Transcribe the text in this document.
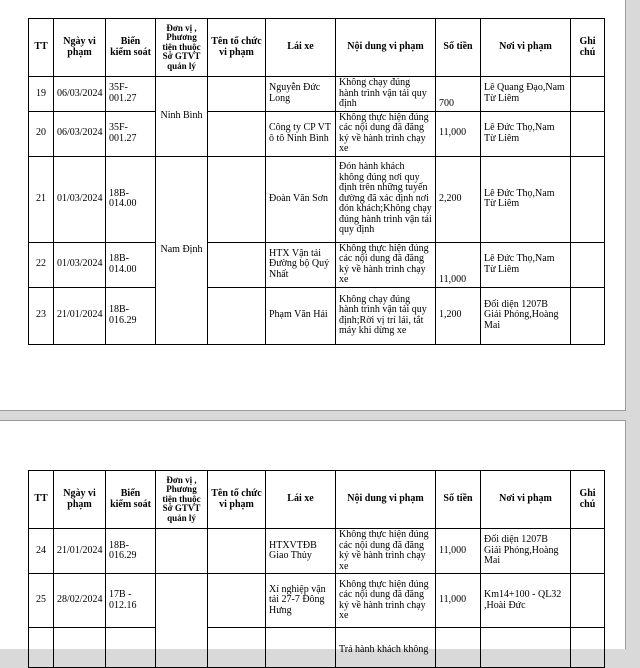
TT	Ngày vi phạm	Biển kiểm soát	Đơn vị , Phương tiện thuộc Sở GTVT quản lý	Tên tổ chức vi phạm	Lái xe	Nội dung vi phạm	Số tiền	Nơi vi phạm	Ghi chú
19	06/03/2024	35F-001.27	Ninh Bình		Nguyễn Đức Long	Không chạy đúng hành trình vận tải quy định	700	Lê Quang Đạo,Nam Từ Liêm	
20	06/03/2024	35F-001.27			Công ty CP VT ô tô Ninh Bình	Không thực hiện đúng các nội dung đã đăng ký về hành trình chạy xe	11,000	Lê Đức Thọ,Nam Từ Liêm	
21	01/03/2024	18B-014.00	Nam Định		Đoàn Văn Sơn	Đón hành khách không đúng nơi quy định trên những tuyến đường đã xác định nơi đón khách;Không chạy đúng hành trình vận tải quy định	2,200	Lê Đức Thọ,Nam Từ Liêm	
22	01/03/2024	18B-014.00			HTX Vận tải Đường bộ Quý Nhất	Không thực hiện đúng các nội dung đã đăng ký về hành trình chạy xe	11,000	Lê Đức Thọ,Nam Từ Liêm	
23	21/01/2024	18B-016.29			Phạm Văn Hải	Không chạy đúng hành trình vận tải quy định;Rời vị trí lái, tắt máy khi dừng xe	1,200	Đối diện 1207B Giải Phóng,Hoàng Mai	
TT	Ngày vi phạm	Biển kiểm soát	Đơn vị , Phương tiện thuộc Sở GTVT quản lý	Tên tổ chức vi phạm	Lái xe	Nội dung vi phạm	Số tiền	Nơi vi phạm	Ghi chú
24	21/01/2024	18B-016.29			HTXVTĐB Giao Thủy	Không thực hiện đúng các nội dung đã đăng ký về hành trình chạy xe	11,000	Đối diện 1207B Giải Phóng,Hoàng Mai	
25	28/02/2024	17B - 012.16			Xí nghiệp vận tải 27-7 Đông Hưng	Không thực hiện đúng các nội dung đã đăng ký về hành trình chạy xe	11,000	Km14+100 - QL32 ,Hoài Đức	
						Trả hành khách không			
